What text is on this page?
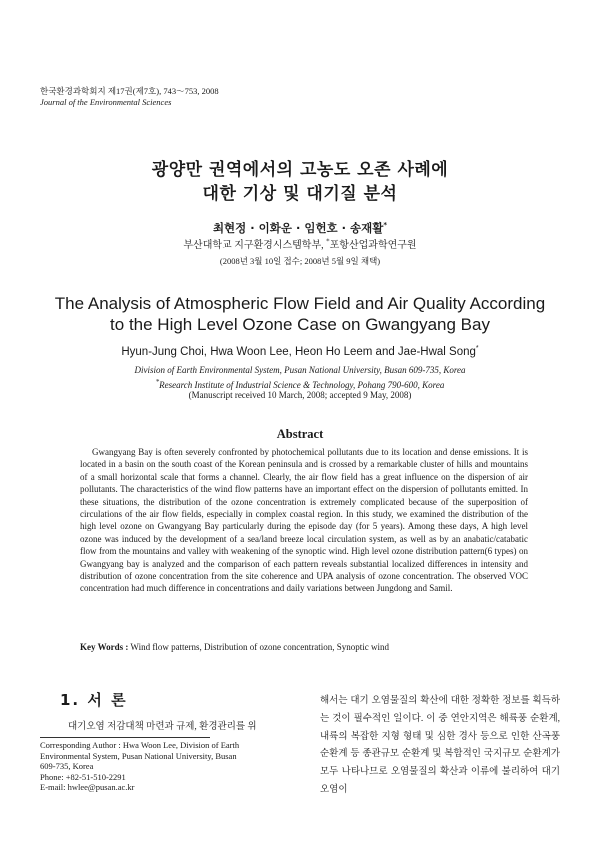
한국환경과학회지 제17권(제7호), 743～753, 2008
Journal of the Environmental Sciences
광양만 권역에서의 고농도 오존 사례에
대한 기상 및 대기질 분석
최현정 · 이화운 · 임헌호 · 송재활*
부산대학교 지구환경시스템학부, *포항산업과학연구원
(2008년 3월 10일 접수; 2008년 5월 9일 채택)
The Analysis of Atmospheric Flow Field and Air Quality According
to the High Level Ozone Case on Gwangyang Bay
Hyun-Jung Choi, Hwa Woon Lee, Heon Ho Leem and Jae-Hwal Song*
Division of Earth Environmental System, Pusan National University, Busan 609-735, Korea
*Research Institute of Industrial Science & Technology, Pohang 790-600, Korea
(Manuscript received 10 March, 2008; accepted 9 May, 2008)
Abstract

Gwangyang Bay is often severely confronted by photochemical pollutants due to its location and dense emissions. It is located in a basin on the south coast of the Korean peninsula and is crossed by a remarkable cluster of hills and mountains of a small horizontal scale that forms a channel. Clearly, the air flow field has a great influence on the dispersion of air pollutants. The characteristics of the wind flow patterns have an important effect on the dispersion of pollutants emitted. In these situations, the distribution of the ozone concentration is extremely complicated because of the superposition of circulations of the air flow fields, especially in complex coastal region. In this study, we examined the distribution of the high level ozone on Gwangyang Bay particularly during the episode day (for 5 years). Among these days, A high level ozone was induced by the development of a sea/land breeze local circulation system, as well as by an anabatic/catabatic flow from the mountains and valley with weakening of the synoptic wind. High level ozone distribution pattern(6 types) on Gwangyang bay is analyzed and the comparison of each pattern reveals substantial localized differences in intensity and distribution of ozone concentration from the site coherence and UPA analysis of ozone concentration. The observed VOC concentration had much difference in concentrations and daily variations between Jungdong and Samil.

Key Words : Wind flow patterns, Distribution of ozone concentration, Synoptic wind
1. 서 론
대기오염 저감대책 마련과 규제, 환경관리를 위
Corresponding Author : Hwa Woon Lee, Division of Earth
Environmental System, Pusan National University, Busan
609-735, Korea
Phone: +82-51-510-2291
E-mail: hwlee@pusan.ac.kr

해서는 대기 오염물질의 확산에 대한 정확한 정보를 획득하는 것이 필수적인 일이다. 이 중 연안지역은 해륙풍 순환계, 내륙의 복잡한 지형 형태 및 심한 경사 등으로 인한 산곡풍 순환계 등 종관규모 순환계 및 복합적인 국지규모 순환계가 모두 나타나므로 오염물질의 확산과 이류에 불리하여 대기오염이
